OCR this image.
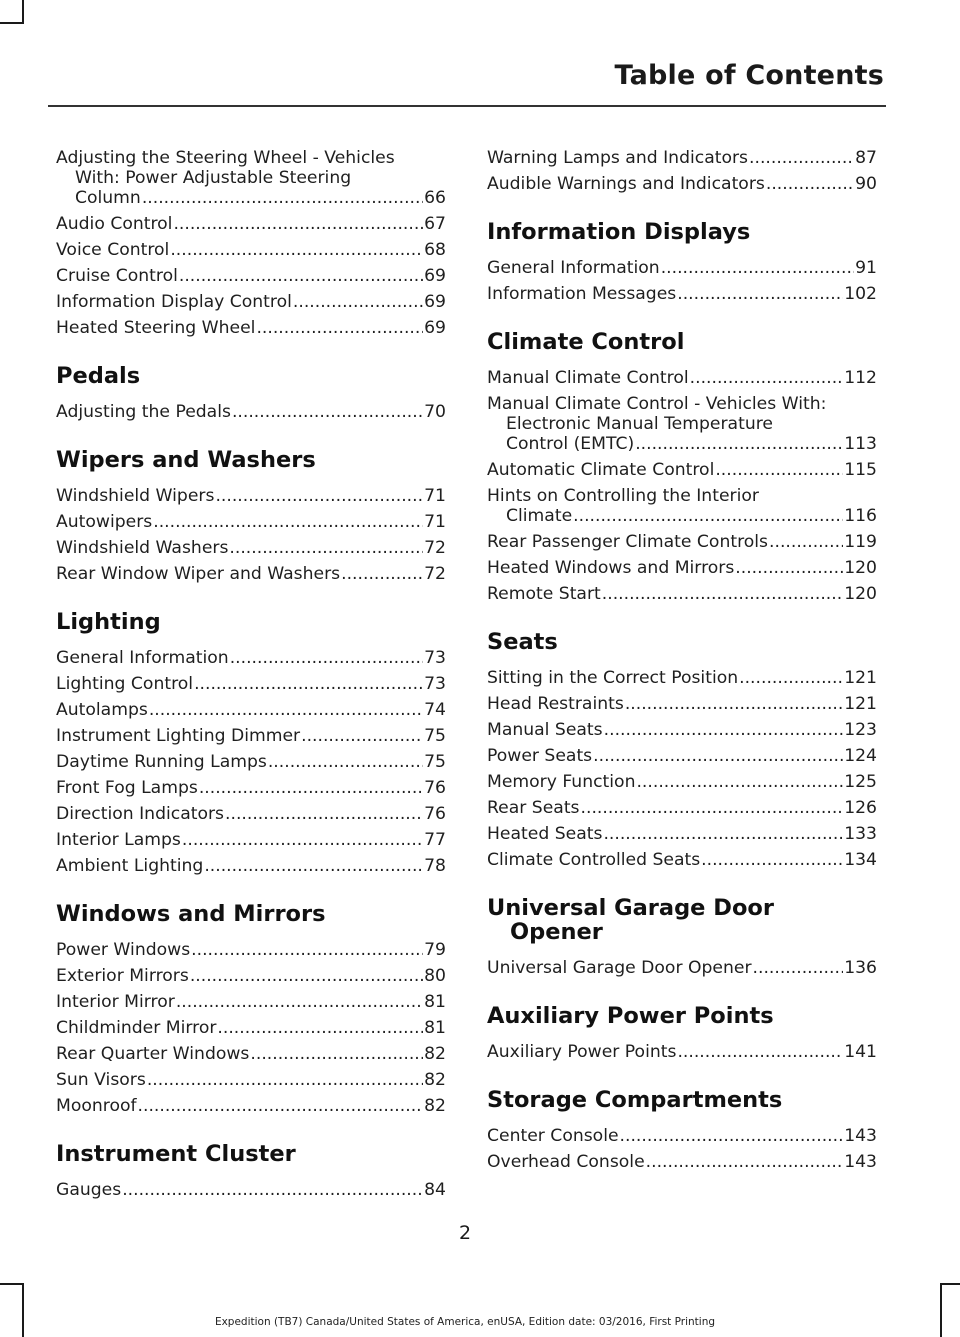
Table of Contents
Adjusting the Steering Wheel - Vehicles
With: Power Adjustable Steering
Column .....	66
Audio Control .....	67
Voice Control .....	68
Cruise Control .....	69
Information Display Control .....	69
Heated Steering Wheel .....	69
Pedals
Adjusting the Pedals .....	70
Wipers and Washers
Windshield Wipers .....	71
Autowipers .....	71
Windshield Washers .....	72
Rear Window Wiper and Washers .....	72
Lighting
General Information .....	73
Lighting Control .....	73
Autolamps .....	74
Instrument Lighting Dimmer .....	75
Daytime Running Lamps .....	75
Front Fog Lamps .....	76
Direction Indicators .....	76
Interior Lamps .....	77
Ambient Lighting .....	78
Windows and Mirrors
Power Windows .....	79
Exterior Mirrors .....	80
Interior Mirror .....	81
Childminder Mirror .....	81
Rear Quarter Windows .....	82
Sun Visors .....	82
Moonroof .....	82
Instrument Cluster
Gauges .....	84
Warning Lamps and Indicators .....	87
Audible Warnings and Indicators .....	90
Information Displays
General Information .....	91
Information Messages .....	102
Climate Control
Manual Climate Control .....	112
Manual Climate Control - Vehicles With:
Electronic Manual Temperature
Control (EMTC) .....	113
Automatic Climate Control .....	115
Hints on Controlling the Interior
Climate .....	116
Rear Passenger Climate Controls .....	119
Heated Windows and Mirrors .....	120
Remote Start .....	120
Seats
Sitting in the Correct Position .....	121
Head Restraints .....	121
Manual Seats .....	123
Power Seats .....	124
Memory Function .....	125
Rear Seats .....	126
Heated Seats .....	133
Climate Controlled Seats .....	134
Universal Garage Door
Opener
Universal Garage Door Opener .....	136
Auxiliary Power Points
Auxiliary Power Points .....	141
Storage Compartments
Center Console .....	143
Overhead Console .....	143
2
Expedition (TB7) Canada/United States of America, enUSA, Edition date: 03/2016, First Printing
